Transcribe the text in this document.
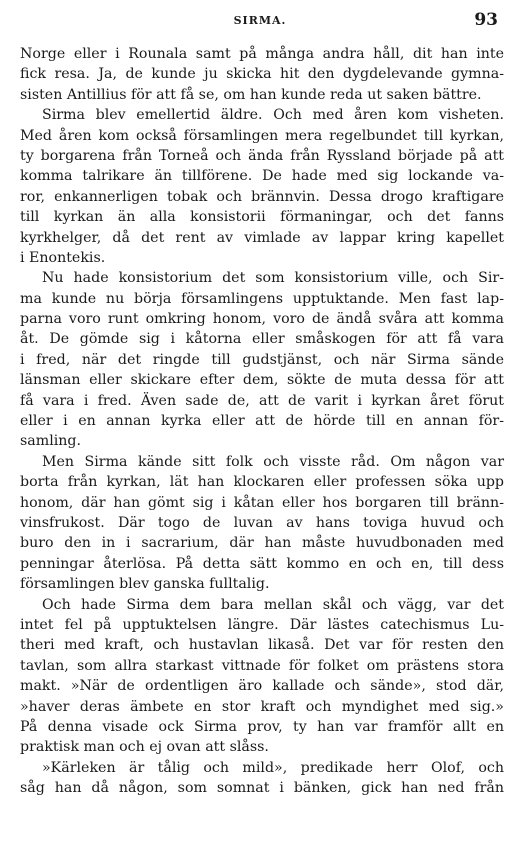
SIRMA.	93
Norge eller i Rounala samt på många andra håll, dit han inte
fick resa. Ja, de kunde ju skicka hit den dygdelevande gymna-
sisten Antillius för att få se, om han kunde reda ut saken bättre.
Sirma blev emellertid äldre. Och med åren kom visheten.
Med åren kom också församlingen mera regelbundet till kyrkan,
ty borgarena från Torneå och ända från Ryssland började på att
komma talrikare än tillförene. De hade med sig lockande va-
ror, enkannerligen tobak och brännvin. Dessa drogo kraftigare
till kyrkan än alla konsistorii förmaningar, och det fanns
kyrkhelger, då det rent av vimlade av lappar kring kapellet
i Enontekis.
Nu hade konsistorium det som konsistorium ville, och Sir-
ma kunde nu börja församlingens upptuktande. Men fast lap-
parna voro runt omkring honom, voro de ändå svåra att komma
åt. De gömde sig i kåtorna eller småskogen för att få vara
i fred, när det ringde till gudstjänst, och när Sirma sände
länsman eller skickare efter dem, sökte de muta dessa för att
få vara i fred. Även sade de, att de varit i kyrkan året förut
eller i en annan kyrka eller att de hörde till en annan för-
samling.
Men Sirma kände sitt folk och visste råd. Om någon var
borta från kyrkan, lät han klockaren eller professen söka upp
honom, där han gömt sig i kåtan eller hos borgaren till bränn-
vinsfrukost. Där togo de luvan av hans toviga huvud och
buro den in i sacrarium, där han måste huvudbonaden med
penningar återlösa. På detta sätt kommo en och en, till dess
församlingen blev ganska fulltalig.
Och hade Sirma dem bara mellan skål och vägg, var det
intet fel på upptuktelsen längre. Där lästes catechismus Lu-
theri med kraft, och hustavlan likaså. Det var för resten den
tavlan, som allra starkast vittnade för folket om prästens stora
makt. »När de ordentligen äro kallade och sände», stod där,
»haver deras ämbete en stor kraft och myndighet med sig.»
På denna visade ock Sirma prov, ty han var framför allt en
praktisk man och ej ovan att slåss.
»Kärleken är tålig och mild», predikade herr Olof, och
såg han då någon, som somnat i bänken, gick han ned från
